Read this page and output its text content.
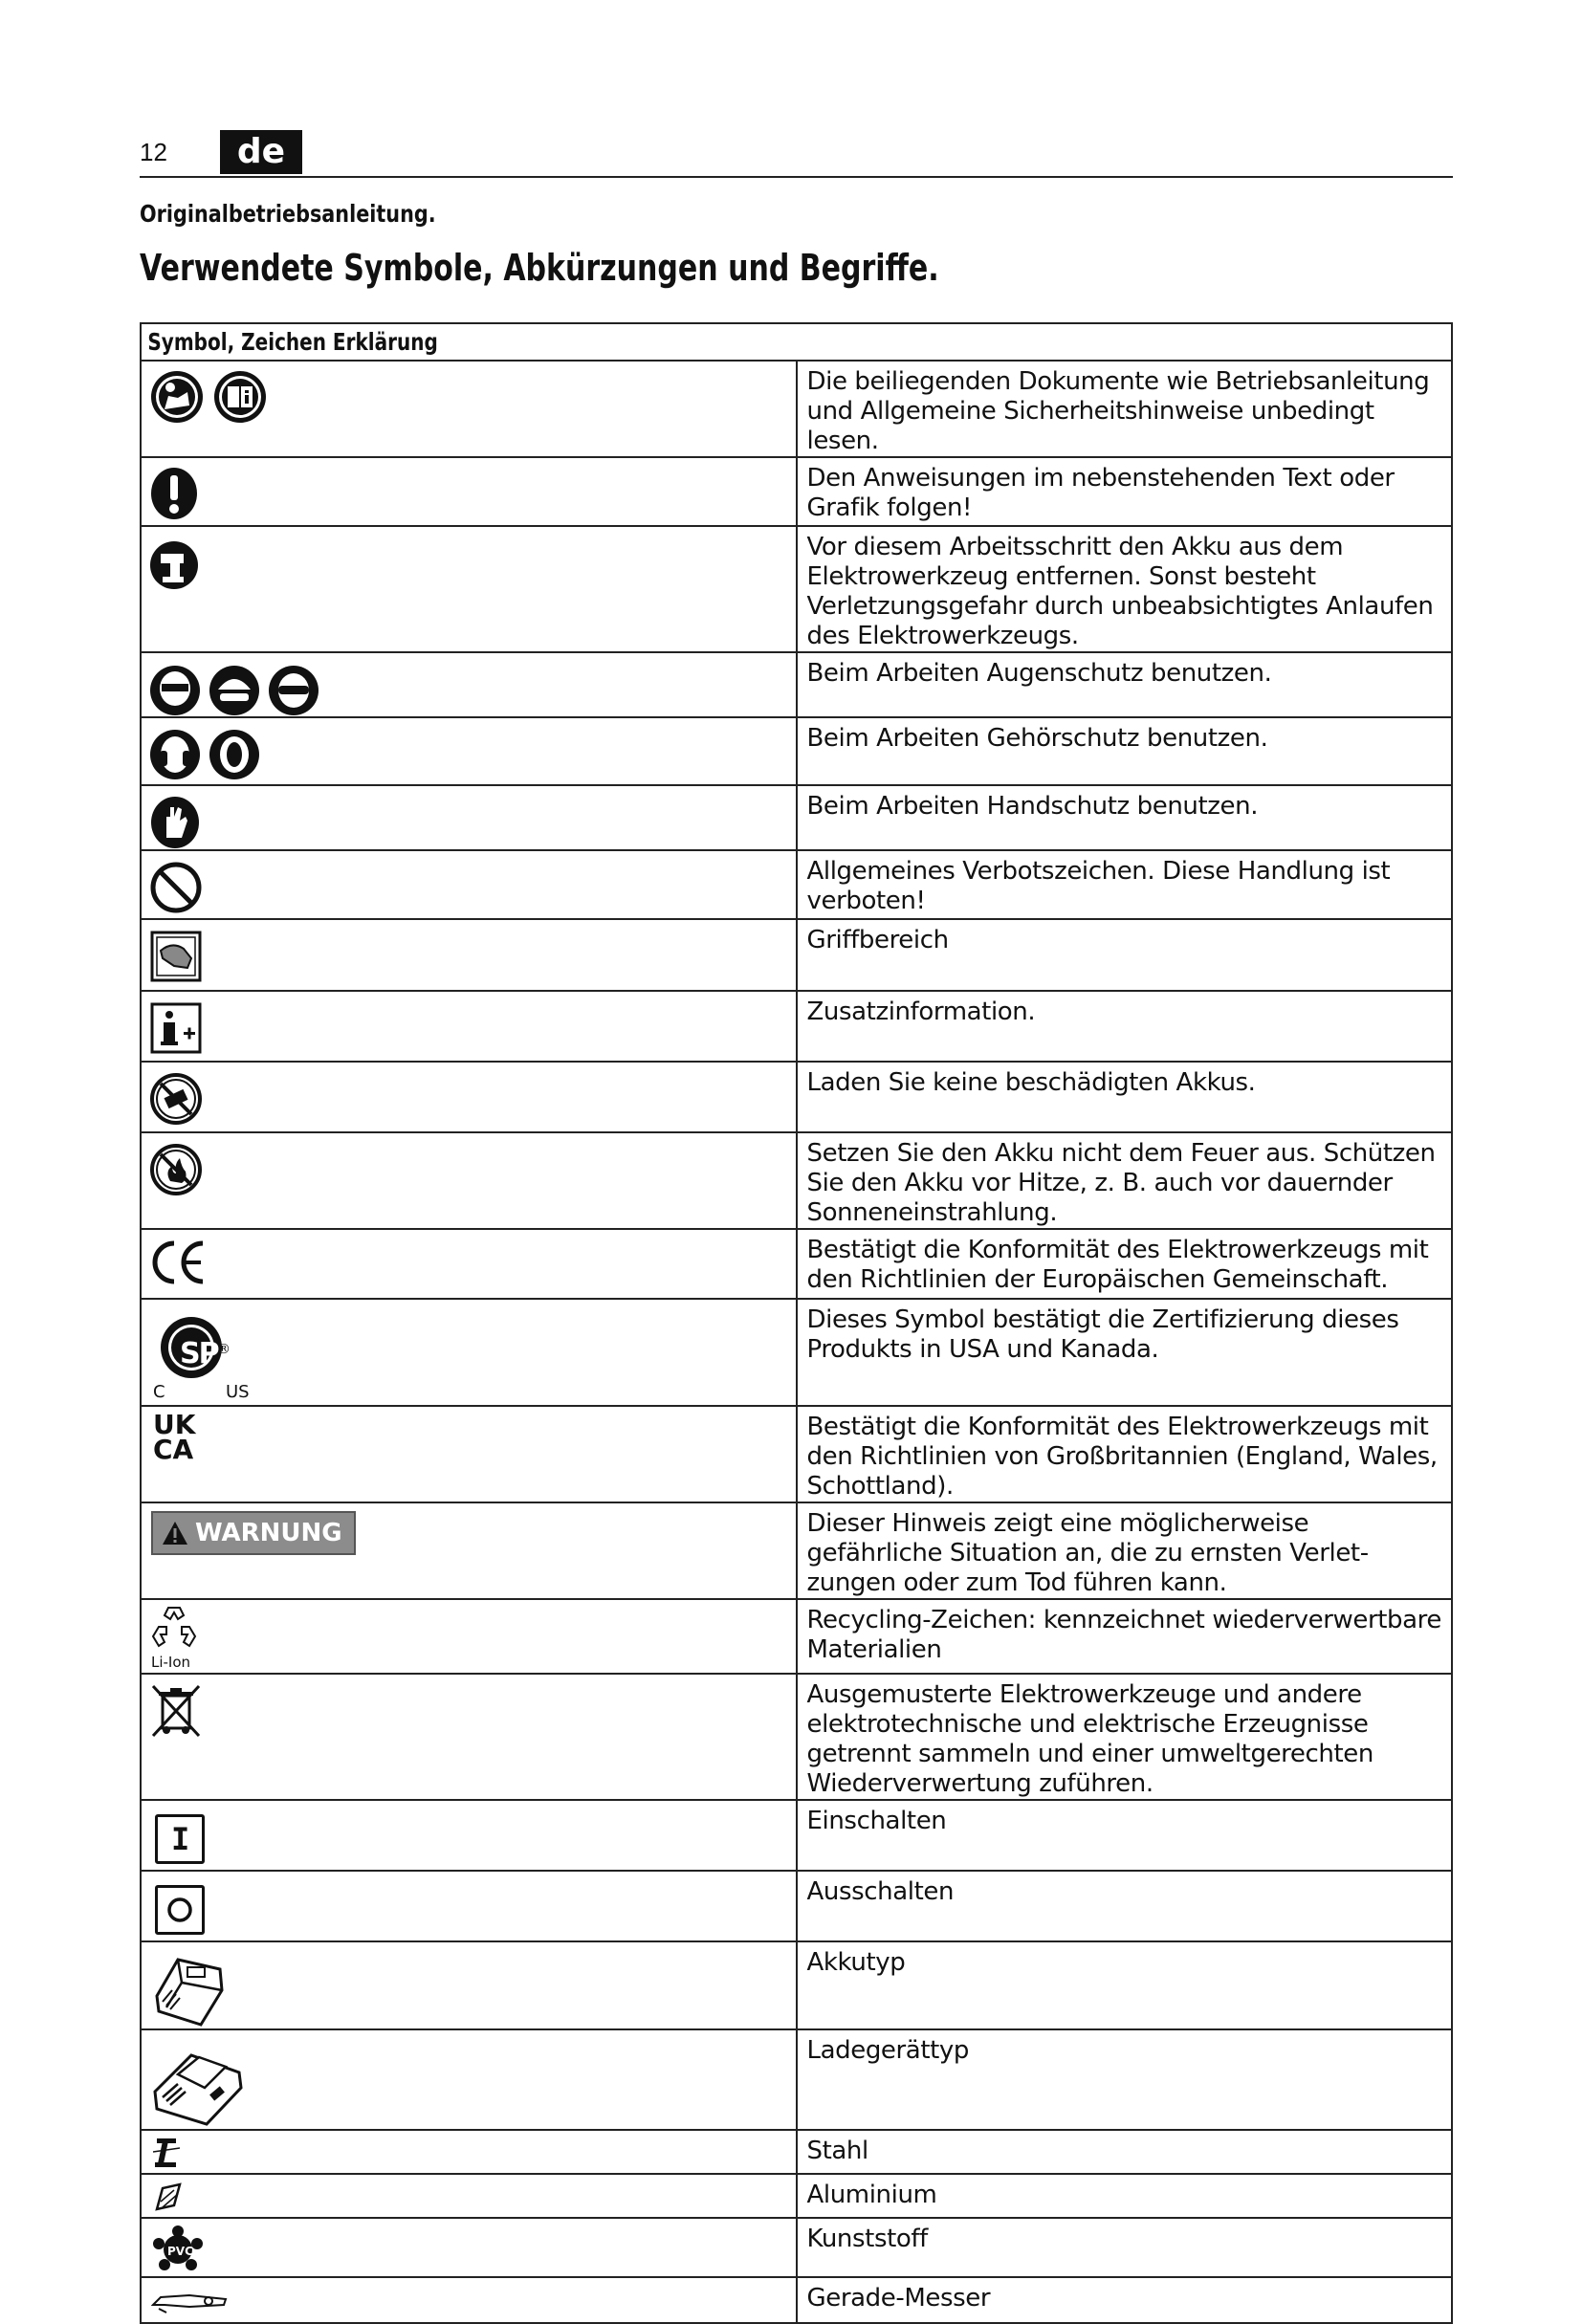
12	de
Originalbetriebsanleitung.
Verwendete Symbole, Abkürzungen und Begriffe.
Symbol, Zeichen Erklärung	

	Die beiliegenden Dokumente wie Betriebsanleitung und Allgemeine Sicherheitshinweise unbedingt lesen.

	Den Anweisungen im nebenstehenden Text oder Grafik folgen!

	Vor diesem Arbeitsschritt den Akku aus dem Elektrowerkzeug entfernen. Sonst besteht Verletzungsgefahr durch unbeabsichtigtes Anlaufen des Elektrowerkzeugs.

	Beim Arbeiten Augenschutz benutzen.

	Beim Arbeiten Gehörschutz benutzen.

	Beim Arbeiten Handschutz benutzen.

	Allgemeines Verbotszeichen. Diese Handlung ist verboten!

	Griffbereich

	Zusatzinformation.

	Laden Sie keine beschädigten Akkus.

	Setzen Sie den Akku nicht dem Feuer aus. Schützen Sie den Akku vor Hitze, z. B. auch vor dauernder Sonneneinstrahlung.

	Bestätigt die Konformität des Elektrowerkzeugs mit den Richtlinien der Europäischen Gemeinschaft.

SP ®
C US	Dieses Symbol bestätigt die Zertifizierung dieses Produkts in USA und Kanada.

UK
CA	Bestätigt die Konformität des Elektrowerkzeugs mit den Richtlinien von Großbritannien (England, Wales, Schottland).

WARNUNG	Dieser Hinweis zeigt eine möglicherweise gefährliche Situation an, die zu ernsten Verletzungen oder zum Tod führen kann.

Li-Ion	Recycling-Zeichen: kennzeichnet wiederverwertbare Materialien

	Ausgemusterte Elektrowerkzeuge und andere elektrotechnische und elektrische Erzeugnisse getrennt sammeln und einer umweltgerechten Wiederverwertung zuführen.

I	Einschalten

	Ausschalten

	Akkutyp

	Ladegerättyp

	Stahl

	Aluminium

PVC	Kunststoff

	Gerade-Messer
